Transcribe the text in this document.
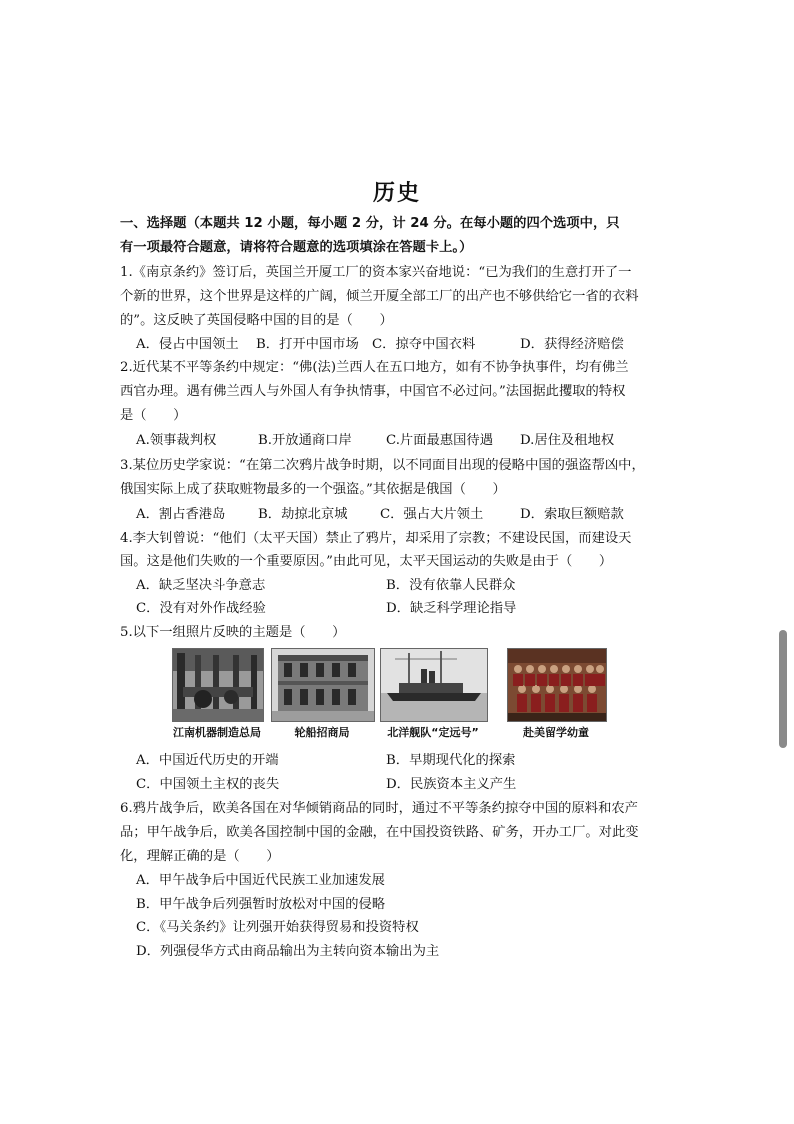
历史
一、选择题（本题共 12 小题，每小题 2 分，计 24 分。在每小题的四个选项中，只
有一项最符合题意，请将符合题意的选项填涂在答题卡上。）
1.《南京条约》签订后，英国兰开厦工厂的资本家兴奋地说：“已为我们的生意打开了一
个新的世界，这个世界是这样的广阔，倾兰开厦全部工厂的出产也不够供给它一省的衣料
的”。这反映了英国侵略中国的目的是（　　）
A．侵占中国领土 B．打开中国市场 C．掠夺中国衣料	D．获得经济赔偿
2.近代某不平等条约中规定：“佛(法)兰西人在五口地方，如有不协争执事件，均有佛兰
西官办理。遇有佛兰西人与外国人有争执情事，中国官不必过问。”法国据此攫取的特权
是（　　）
A.领事裁判权	B.开放通商口岸	C.片面最惠国待遇 D.居住及租地权
3.某位历史学家说：“在第二次鸦片战争时期，以不同面目出现的侵略中国的强盗帮凶中，
俄国实际上成了获取赃物最多的一个强盗。”其依据是俄国（　　）
A．割占香港岛 B．劫掠北京城 C．强占大片领土	D．索取巨额赔款
4.李大钊曾说：“他们（太平天国）禁止了鸦片，却采用了宗教；不建设民国，而建设天
国。这是他们失败的一个重要原因。”由此可见，太平天国运动的失败是由于（　　）
A．缺乏坚决斗争意志	B．没有依靠人民群众
C．没有对外作战经验	D．缺乏科学理论指导
5.以下一组照片反映的主题是（　　）
江南机器制造总局	轮船招商局	北洋舰队“定远号”	赴美留学幼童
A．中国近代历史的开端	B．早期现代化的探索
C．中国领土主权的丧失	D．民族资本主义产生
6.鸦片战争后，欧美各国在对华倾销商品的同时，通过不平等条约掠夺中国的原料和农产
品；甲午战争后，欧美各国控制中国的金融，在中国投资铁路、矿务，开办工厂。对此变
化，理解正确的是（　　）
A．甲午战争后中国近代民族工业加速发展
B．甲午战争后列强暂时放松对中国的侵略
C．《马关条约》让列强开始获得贸易和投资特权
D．列强侵华方式由商品输出为主转向资本输出为主
